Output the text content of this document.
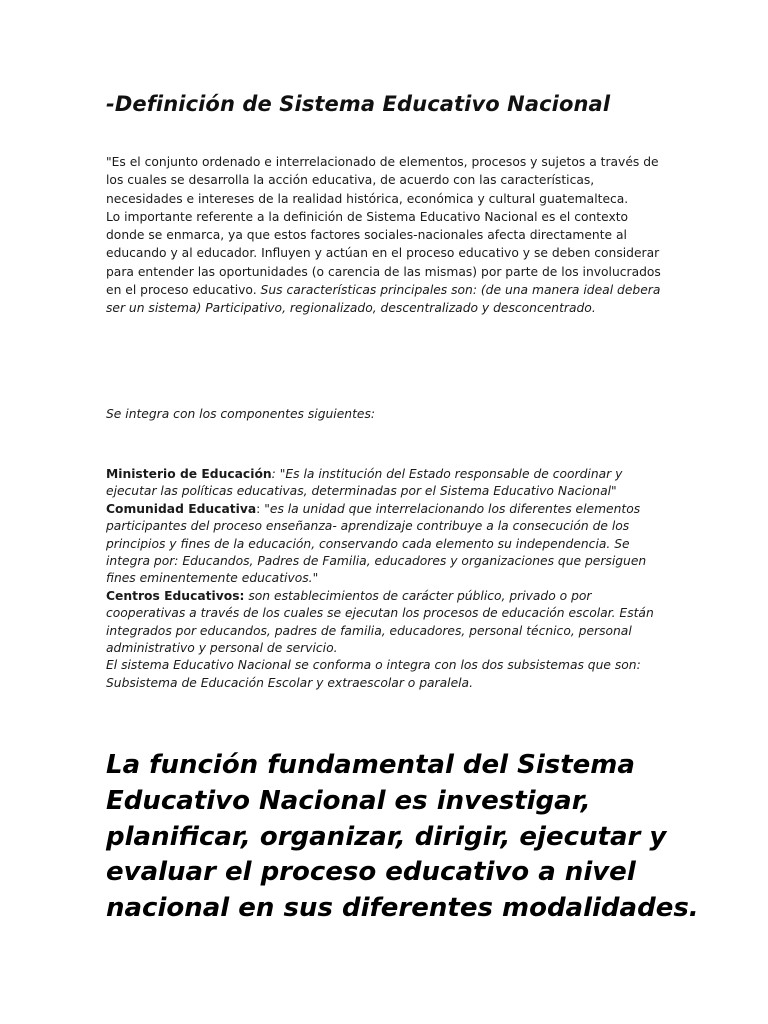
-Definición de Sistema Educativo Nacional

"Es el conjunto ordenado e interrelacionado de elementos, procesos y sujetos a través de los cuales se desarrolla la acción educativa, de acuerdo con las características, necesidades e intereses de la realidad histórica, económica y cultural guatemalteca.
Lo importante referente a la definición de Sistema Educativo Nacional es el contexto donde se enmarca, ya que estos factores sociales-nacionales afecta directamente al educando y al educador. Influyen y actúan en el proceso educativo y se deben considerar para entender las oportunidades (o carencia de las mismas) por parte de los involucrados en el proceso educativo. Sus características principales son: (de una manera ideal debera ser un sistema) Participativo, regionalizado, descentralizado y desconcentrado.

Se integra con los componentes siguientes:

Ministerio de Educación: "Es la institución del Estado responsable de coordinar y ejecutar las políticas educativas, determinadas por el Sistema Educativo Nacional"
Comunidad Educativa: "es la unidad que interrelacionando los diferentes elementos participantes del proceso enseñanza- aprendizaje contribuye a la consecución de los principios y fines de la educación, conservando cada elemento su independencia. Se integra por: Educandos, Padres de Familia, educadores y organizaciones que persiguen fines eminentemente educativos."
Centros Educativos: son establecimientos de carácter público, privado o por cooperativas a través de los cuales se ejecutan los procesos de educación escolar. Están integrados por educandos, padres de familia, educadores, personal técnico, personal administrativo y personal de servicio.
El sistema Educativo Nacional se conforma o integra con los dos subsistemas que son: Subsistema de Educación Escolar y extraescolar o paralela.

La función fundamental del Sistema Educativo Nacional es investigar, planificar, organizar, dirigir, ejecutar y evaluar el proceso educativo a nivel nacional en sus diferentes modalidades.
